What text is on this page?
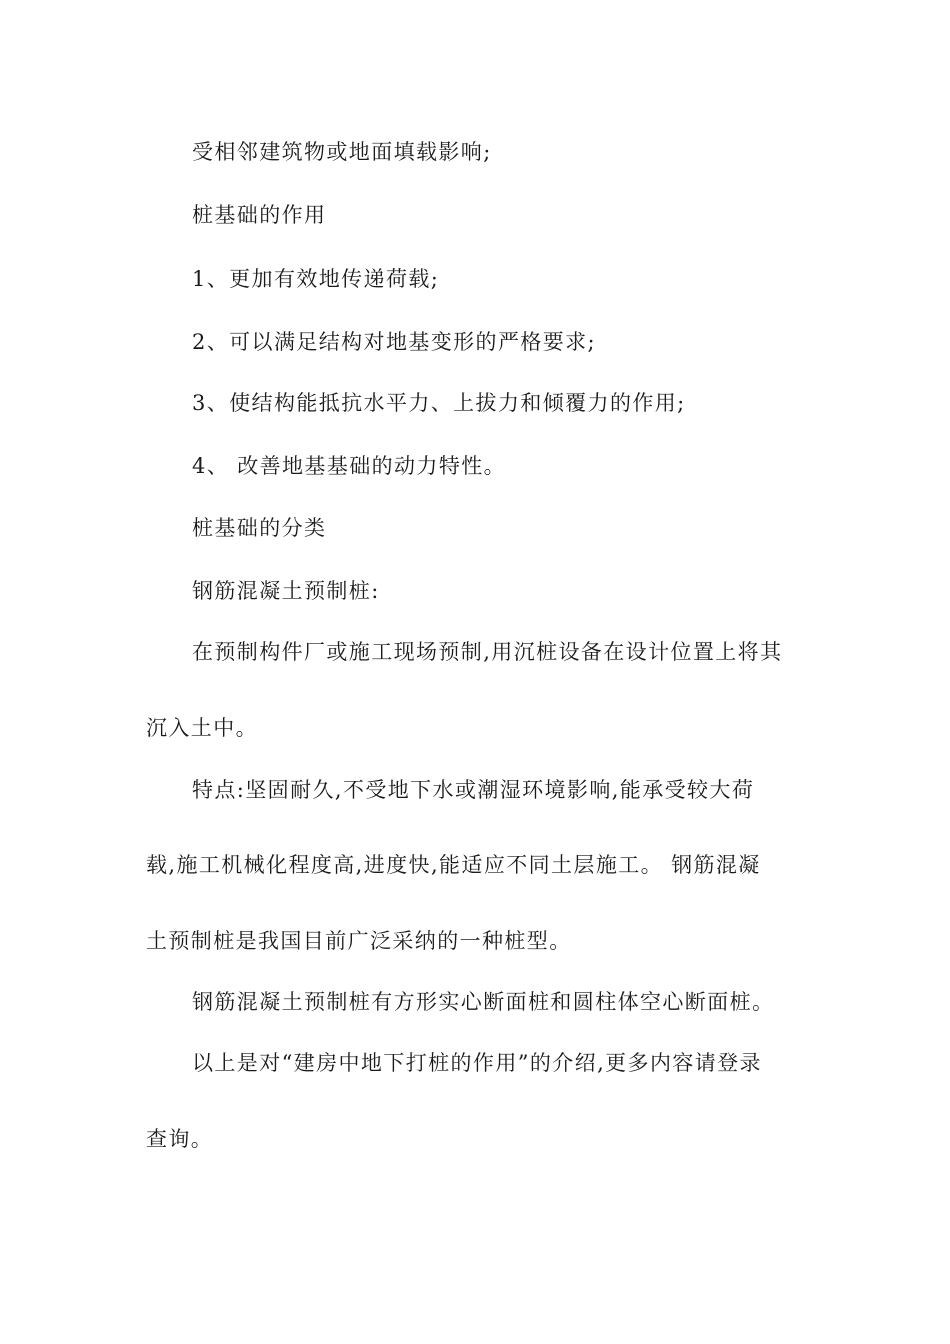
受相邻建筑物或地面填载影响;
桩基础的作用
1、更加有效地传递荷载;
2、可以满足结构对地基变形的严格要求;
3、使结构能抵抗水平力、上拔力和倾覆力的作用;
4、 改善地基基础的动力特性。
桩基础的分类
钢筋混凝土预制桩:
在预制构件厂或施工现场预制,用沉桩设备在设计位置上将其
沉入土中。
特点:坚固耐久,不受地下水或潮湿环境影响,能承受较大荷
载,施工机械化程度高,进度快,能适应不同土层施工。 钢筋混凝
土预制桩是我国目前广泛采纳的一种桩型。
钢筋混凝土预制桩有方形实心断面桩和圆柱体空心断面桩。
以上是对“建房中地下打桩的作用”的介绍,更多内容请登录
查询。
